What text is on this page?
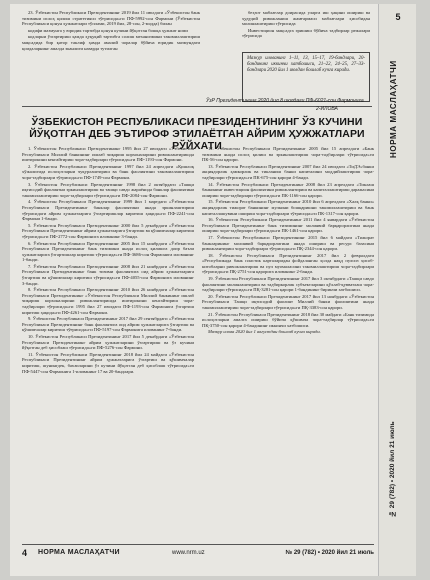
23. Ўзбекистон Республикаси Президентининг 2019 йил 11 июлдаги «Ўзбекистон банк тизимини ислоҳ қилиш стратегияси тўғрисида»ги ПФ-5992-сон Фармони (Ўзбекистон Республикаси қонун ҳужжатлари тўплами, 2019 йил, 28-сон, 2-модда) билан

кодифи мазмунга у юридик тартибда қонун кучини йўқотган бошқа ҳужжат номи

кодларни ўзгартириш ҳамда ҳуқуқий тартибга солиш механизмини такомиллаштириш мақсадида бир қатор таклиф ҳамда амалий чоралар бўйича юридик мазмундаги қоидаларнинг амалда эканлиги назарда тутилган

беҳзот маблағлар доирасида уларга иш ҳақини ошириш ва ҳудудий ривожланиш жамғармаси маблағлари ҳисобидан молиялаштириш тўғрисида

Инвестицион мақсадга эришиш бўйича тадбирлар режалари тўғрисида

Мазкур илованинг 1–11, 13, 15–17, 19-бандлари, 20-бандининг иккинчи хатбошиси, 21–22, 24–25, 27–33-бандлари 2020 йил 1 июлдан бошлаб кучга киради.

ЎзР Президентининг 2020 йил 8 июлдаги ПФ-6021-сон Фармонига
2-ИЛОВА
ЎЗБЕКИСТОН РЕСПУБЛИКАСИ ПРЕЗИДЕНТИНИНГ ЎЗ КУЧИНИ ЙЎҚОТГАН ДЕБ ЭЪТИРОФ ЭТИЛАЁТГАН АЙРИМ ҲУЖЖАТЛАРИ РЎЙХАТИ

1. Ўзбекистон Республикаси Президентининг 1995 йил 27 июлдаги «Ўзбекистон Республикаси Миллий банкининг ишлаб чиқариш корхоналарини ривожлантиришда иштирокини кенгайтириш чора-тадбирлари тўғрисида»ги ПФ-1193-сон Фармони.

2. Ўзбекистон Республикаси Президентининг 1997 йил 24 апрелдаги «Қишлоқ хўжалигида ислоҳотларни чуқурлаштириш ва банк фаолиятини такомиллаштириш чора-тадбирлари тўғрисида»ги ПФ-1749-сон Фармони.

3. Ўзбекистон Республикаси Президентининг 1998 йил 2 октябрдаги «Ташқи иқтисодий фаолиятни эркинлаштириш ва ташқи савдо жараёнида банклар фаолиятини такомиллаштириш чора-тадбирлари тўғрисида»ги ПФ-2084-сон Фармони.

4. Ўзбекистон Республикаси Президентининг 1999 йил 1 мартдаги «Ўзбекистон Республикаси Президентининг банклар фаолиятини янада эркинлаштириш тўғрисидаги айрим ҳужжатларига ўзгартиришлар киритиш ҳақида»ги ПФ-2241-сон Фармони 1-банди.

5. Ўзбекистон Республикаси Президентининг 2000 йил 5 декабрдаги «Ўзбекистон Республикаси Президентининг айрим ҳужжатларига ўзгартиш ва қўшимчалар киритиш тўғрисида»ги ПФ-2772-сон Фармонига илованинг 3-банди.

6. Ўзбекистон Республикаси Президентининг 2005 йил 15 ноябрдаги «Ўзбекистон Республикаси Президентининг банк тизимини янада ислоҳ қилишга доир баъзи ҳужжатларига ўзгартишлар киритиш тўғрисида»ги ПФ-3686-сон Фармонига илованинг 1-банди.

7. Ўзбекистон Республикаси Президентининг 2008 йил 21 ноябрдаги «Ўзбекистон Республикаси Президентининг банк тизими фаолиятига оид айрим ҳужжатларига ўзгартиш ва қўшимчалар киритиш тўғрисида»ги ПФ-4055-сон Фармонига илованинг 3-банди.

8. Ўзбекистон Республикаси Президентининг 2010 йил 26 ноябрдаги «Ўзбекистон Республикаси Президентининг «Ўзбекистон Республикаси Миллий банкининг ишлаб чиқариш корхоналарини ривожлантиришда иштирокини кенгайтириш чора-тадбирлари тўғрисида»ги 1995 йил 27 июлдаги ПФ-1193-сон Фармонига ўзгартиш киритиш ҳақида»ги ПФ-4261-сон Фармони.

9. Ўзбекистон Республикаси Президентининг 2017 йил 29 сентябрдаги «Ўзбекистон Республикаси Президентининг банк фаолиятига оид айрим ҳужжатларига ўзгартиш ва қўшимчалар киритиш тўғрисида»ги ПФ-5197-сон Фармонига илованинг 7-банди.

10. Ўзбекистон Республикаси Президентининг 2017 йил 5 декабрдаги «Ўзбекистон Республикаси Президентининг айрим ҳужжатларини ўзгартириш ва ўз кучини йўқотган деб ҳисоблаш тўғрисида»ги ПФ-5276-сон Фармони.

11. Ўзбекистон Республикаси Президентининг 2018 йил 24 майдаги «Ўзбекистон Республикаси Президентининг айрим ҳужжатларига ўзгартиш ва қўшимчалар киритиш, шунингдек, баъзиларини ўз кучини йўқотган деб ҳисоблаш тўғрисида»ги ПФ-5447-сон Фармонига 1-илованинг 17 ва 20-бандлари.

12. Ўзбекистон Республикаси Президентининг 2005 йил 15 апрелдаги «Банк тизимини янада ислоҳ қилиш ва эркинлаштириш чора-тадбирлари тўғрисида»ги ПК-56-сон қарори.

13. Ўзбекистон Республикаси Президентининг 2007 йил 24 июлдаги «ТиДЭ»банки акциядорлик ҳамкорлик ва тикланиш банки капиталини моддийлаштириш чора-тадбирлари тўғрисида»ги ПК-675-сон қарори 4-банди.

14. Ўзбекистон Республикаси Президентининг 2008 йил 23 апрелдаги «Тиклаш банкининг инвестицион фаолиятини ривожлантириш ва капиталлаштириш даражасини ошириш чора-тадбирлари тўғрисида»ги ПК-1166-сон қарори.

15. Ўзбекистон Республикаси Президентининг 2010 йил 6 апрелдаги «Халқ банки» акциядорлик тижорат банкининг мулкини бошқаришни такомиллаштириш ва банк капиталлашувини ошириш чора-тадбирлари тўғрисида»ги ПК-1317-сон қарори.

16. Ўзбекистон Республикаси Президентининг 2011 йил 4 январдаги «Ўзбекистон Республикаси Президентининг банк тизимининг молиявий барқарорлигини янада ошириш чора-тадбирлари тўғрисида»ги ПК-1461-сон қарори.

17. Ўзбекистон Республикаси Президентининг 2015 йил 6 майдаги «Тижорат банкларининг молиявий барқарорлигини янада ошириш ва ресурс базасини ривожлантириш чора-тадбирлари тўғрисида»ги ПҚ-2344-сон қарори.

18. Ўзбекистон Республикаси Президентининг 2017 йил 2 февралдаги «Республикада банк пластик карталаридан фойдаланган ҳолда нақд пулсиз ҳисоб-китобларни ривожлантириш ва пул муомаласини такомиллаштириш чора-тадбирлари тўғрисида»ги ПҚ-2751-сон қарорига илованинг 2-банди.

19. Ўзбекистон Республикаси Президентининг 2017 йил 3 октябрдаги «Ташқи савдо фаолиятини молиялаштириш ва тадбиркорлик субъектларини қўллаб-қувватлаш чора-тадбирлари тўғрисида»ги ПҚ-3281-сон қарори 1-бандининг биринчи хатбошиси.

20. Ўзбекистон Республикаси Президентининг 2017 йил 13 ноябрдаги «Ўзбекистон Республикаси Ташқи иқтисодий фаолият Миллий банки фаолиятини янада такомиллаштириш чора-тадбирлари тўғрисида»ги ПҚ-3383-сон қарори.

21. Ўзбекистон Республикаси Президентининг 2018 йил 30 майдаги «Банк тизимида ислоҳотларни амалга ошириш бўйича қўшимча чора-тадбирлар тўғрисида»ги ПҚ-3750-сон қарори 4-бандининг иккинчи хатбошиси.

Мазкур илова 2020 йил 1 августдан бошлаб кучга киради.

4 НОРМА МАСЛАҲАТЧИ	www.nrm.uz	№ 29 (782) • 2020 йил 21 июль
5
НОРМА МАСЛАҲАТЧИ
№ 29 (782) • 2020 йил 21 июль
